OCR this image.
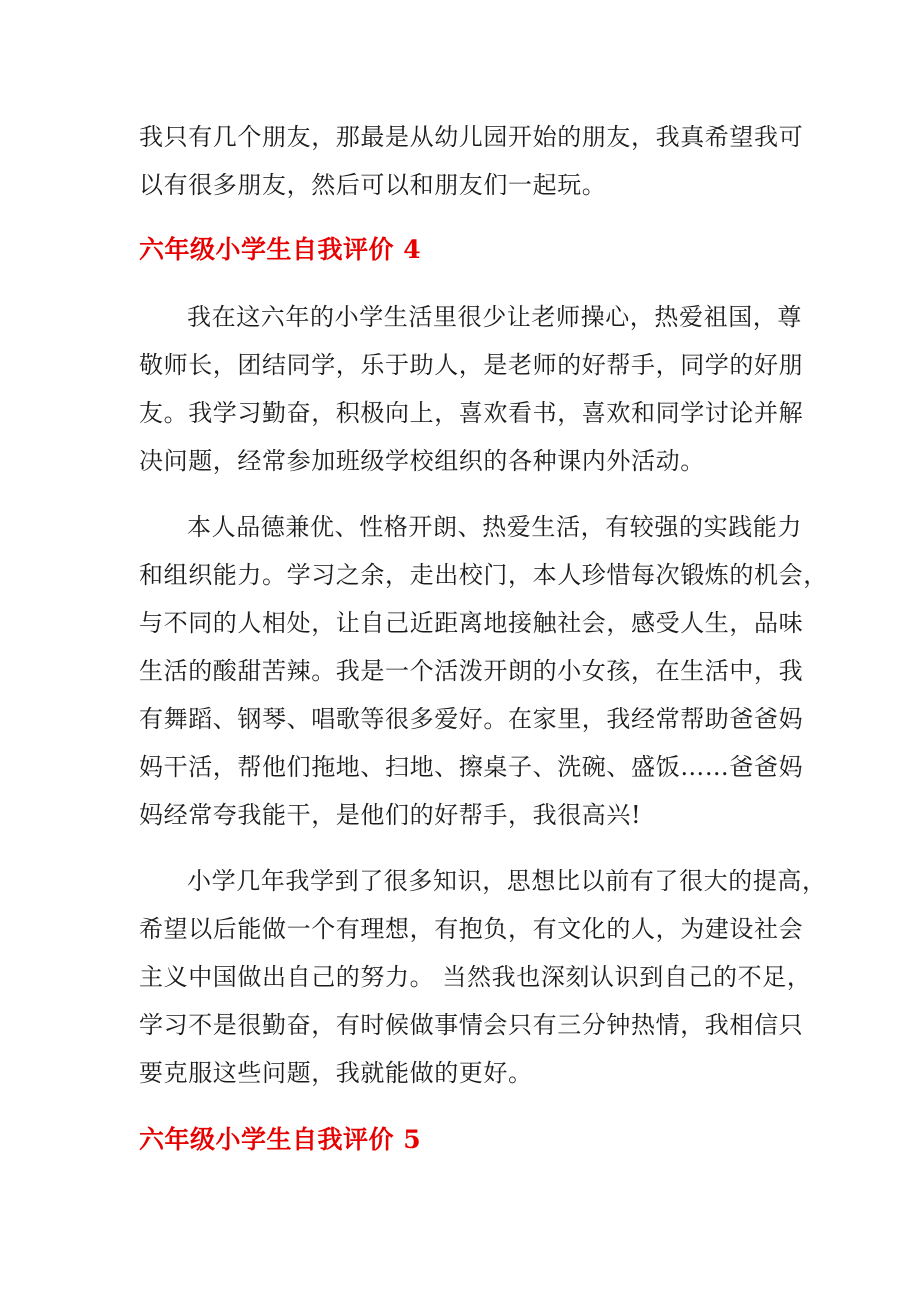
我只有几个朋友，那最是从幼儿园开始的朋友，我真希望我可
以有很多朋友，然后可以和朋友们一起玩。
六年级小学生自我评价 4
我在这六年的小学生活里很少让老师操心，热爱祖国，尊
敬师长，团结同学，乐于助人，是老师的好帮手，同学的好朋
友。我学习勤奋，积极向上，喜欢看书，喜欢和同学讨论并解
决问题，经常参加班级学校组织的各种课内外活动。
本人品德兼优、性格开朗、热爱生活，有较强的实践能力
和组织能力。学习之余，走出校门，本人珍惜每次锻炼的机会，
与不同的人相处，让自己近距离地接触社会，感受人生，品味
生活的酸甜苦辣。我是一个活泼开朗的小女孩，在生活中，我
有舞蹈、钢琴、唱歌等很多爱好。在家里，我经常帮助爸爸妈
妈干活，帮他们拖地、扫地、擦桌子、洗碗、盛饭……爸爸妈
妈经常夸我能干，是他们的好帮手，我很高兴!
小学几年我学到了很多知识，思想比以前有了很大的提高，
希望以后能做一个有理想，有抱负，有文化的人，为建设社会
主义中国做出自己的努力。 当然我也深刻认识到自己的不足，
学习不是很勤奋，有时候做事情会只有三分钟热情，我相信只
要克服这些问题，我就能做的更好。
六年级小学生自我评价 5
